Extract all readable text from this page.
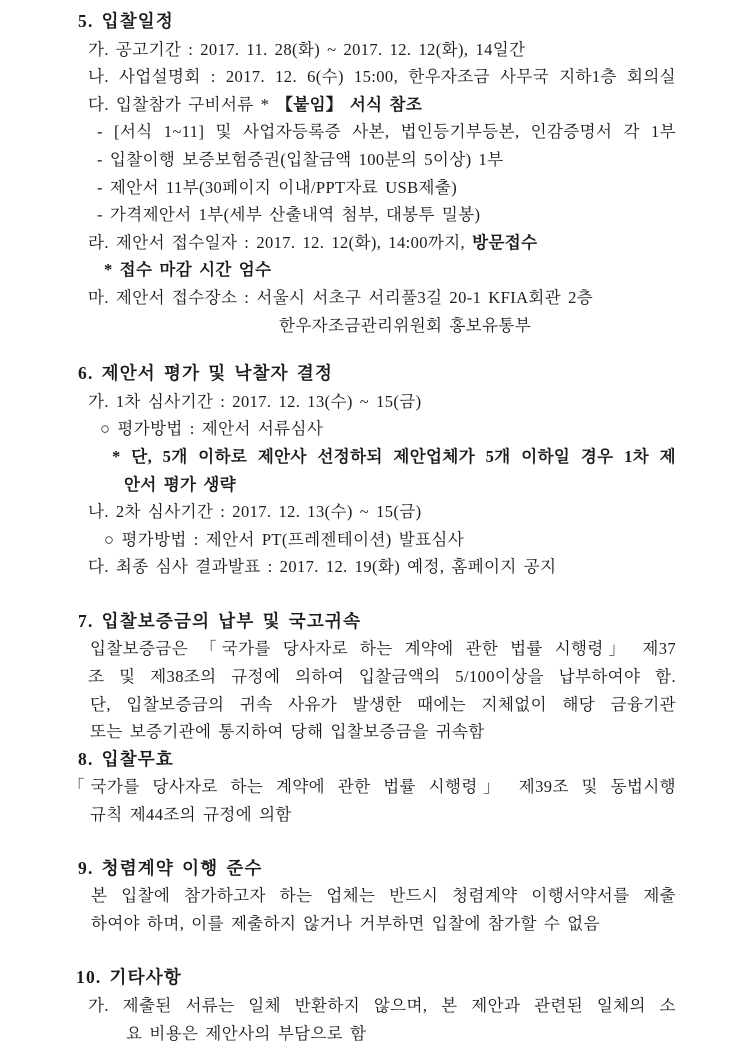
5. 입찰일정
가. 공고기간 : 2017. 11. 28(화) ~ 2017. 12. 12(화), 14일간
나. 사업설명회 : 2017. 12. 6(수) 15:00, 한우자조금 사무국 지하1층 회의실
다. 입찰참가 구비서류 * 【붙임】 서식 참조
- [서식 1~11] 및 사업자등록증 사본, 법인등기부등본, 인감증명서 각 1부
- 입찰이행 보증보험증권(입찰금액 100분의 5이상) 1부
- 제안서 11부(30페이지 이내/PPT자료 USB제출)
- 가격제안서 1부(세부 산출내역 첨부, 대봉투 밀봉)
라. 제안서 접수일자 : 2017. 12. 12(화), 14:00까지, 방문접수
* 접수 마감 시간 엄수
마. 제안서 접수장소 : 서울시 서초구 서리풀3길 20-1 KFIA회관 2층
한우자조금관리위원회 홍보유통부
6. 제안서 평가 및 낙찰자 결정
가. 1차 심사기간 : 2017. 12. 13(수) ~ 15(금)
○ 평가방법 : 제안서 서류심사
* 단, 5개 이하로 제안사 선정하되 제안업체가 5개 이하일 경우 1차 제
안서 평가 생략
나. 2차 심사기간 : 2017. 12. 13(수) ~ 15(금)
○ 평가방법 : 제안서 PT(프레젠테이션) 발표심사
다. 최종 심사 결과발표 : 2017. 12. 19(화) 예정, 홈페이지 공지
7. 입찰보증금의 납부 및 국고귀속
입찰보증금은 「국가를 당사자로 하는 계약에 관한 법률 시행령」 제37
조 및 제38조의 규정에 의하여 입찰금액의 5/100이상을 납부하여야 함.
단, 입찰보증금의 귀속 사유가 발생한 때에는 지체없이 해당 금융기관
또는 보증기관에 통지하여 당해 입찰보증금을 귀속함
8. 입찰무효
「국가를 당사자로 하는 계약에 관한 법률 시행령」 제39조 및 동법시행
규칙 제44조의 규정에 의함
9. 청렴계약 이행 준수
본 입찰에 참가하고자 하는 업체는 반드시 청렴계약 이행서약서를 제출
하여야 하며, 이를 제출하지 않거나 거부하면 입찰에 참가할 수 없음
10. 기타사항
가. 제출된 서류는 일체 반환하지 않으며, 본 제안과 관련된 일체의 소
요 비용은 제안사의 부담으로 함
